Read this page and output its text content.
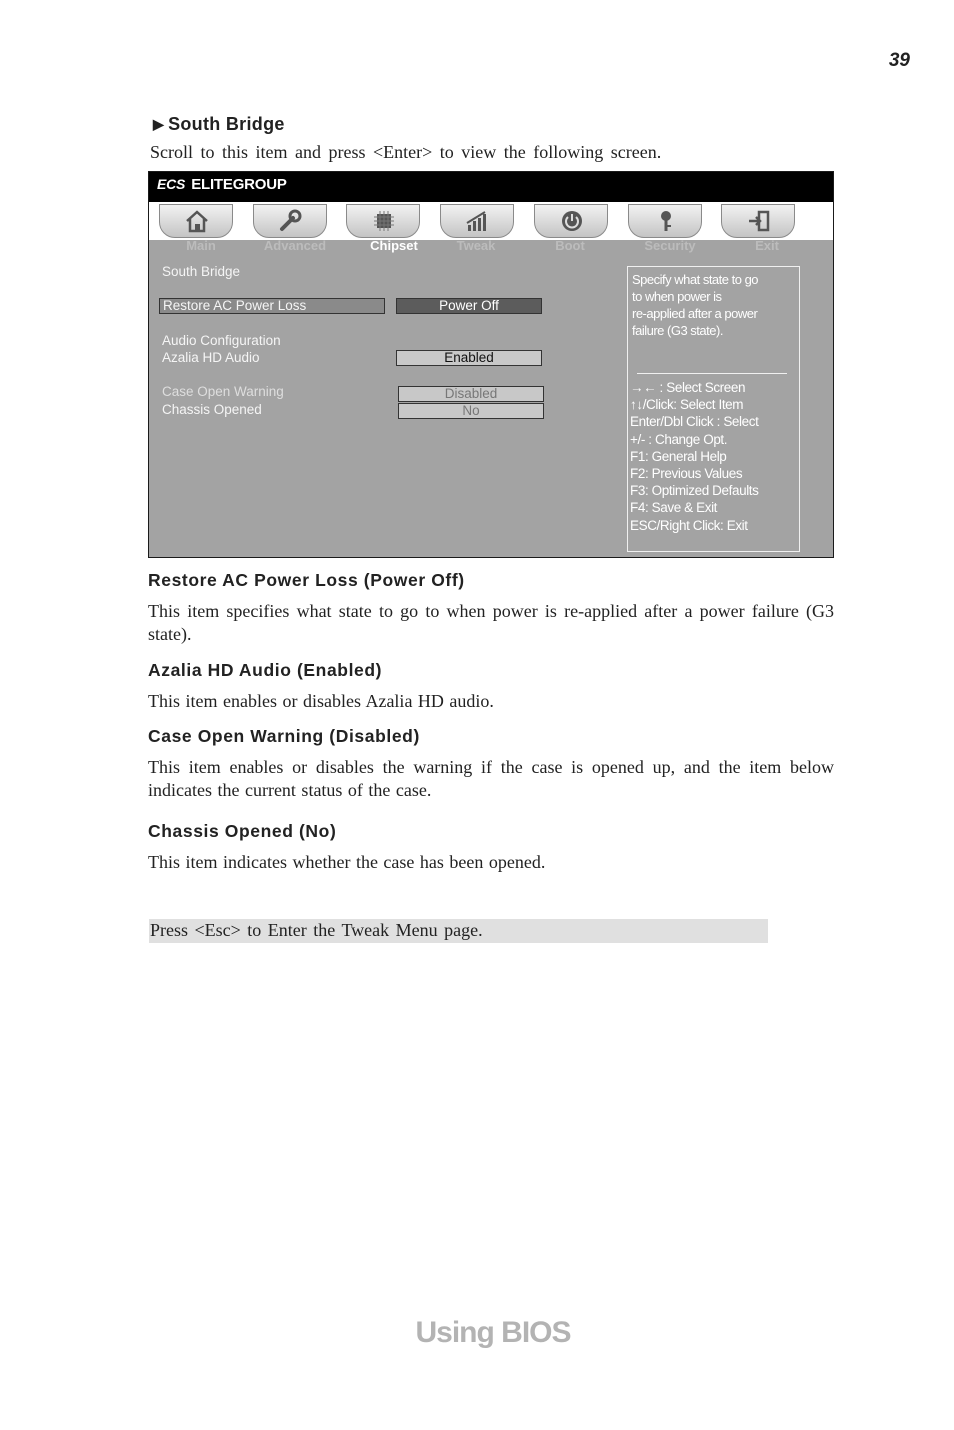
39
▶ South Bridge
Scroll to this item and press <Enter> to view the following screen.
ECS ELITEGROUP
Main	Advanced	Chipset	Tweak	Boot	Security	Exit
South Bridge
Restore AC Power Loss	Power Off
Audio Configuration
Azalia HD Audio	Enabled
Case Open Warning	Disabled
Chassis Opened	No
Specify what state to go
to when power is
re-applied after a power
failure (G3 state).
→← : Select Screen
↑↓/Click: Select Item
Enter/Dbl Click : Select
+/- : Change Opt.
F1: General Help
F2: Previous Values
F3: Optimized Defaults
F4: Save & Exit
ESC/Right Click: Exit
Restore AC Power Loss (Power Off)
This item specifies what state to go to when power is re-applied after a power failure (G3 state).
Azalia HD Audio (Enabled)
This item enables or disables Azalia HD audio.
Case Open Warning (Disabled)
This item enables or disables the warning if the case is opened up, and the item below indicates the current status of the case.
Chassis Opened (No)
This item indicates whether the case has been opened.
Press <Esc> to Enter the Tweak Menu page.
Using BIOS
